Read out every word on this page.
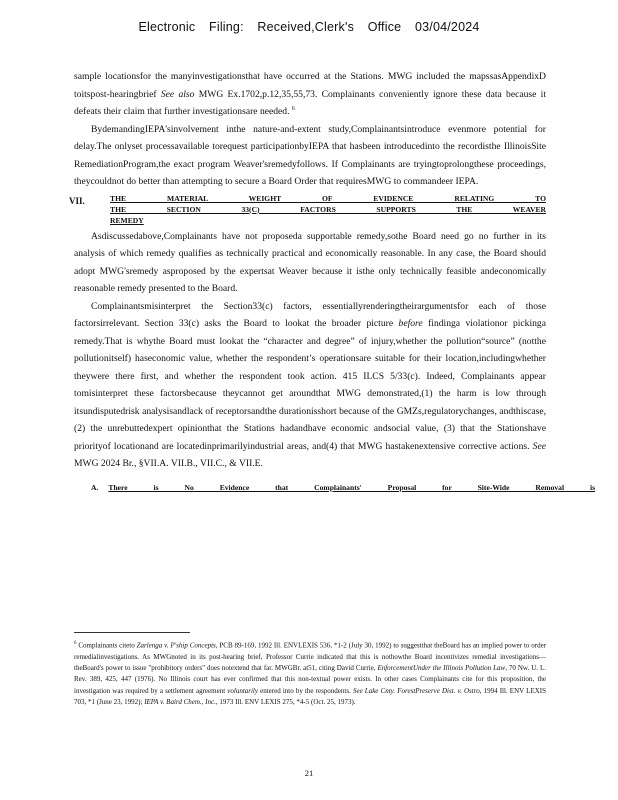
Electronic Filing: Received,Clerk's Office 03/04/2024

sample locationsfor the manyinvestigationsthat have occurred at the Stations. MWG included the mapssasAppendixD toitspost-hearingbrief See also MWG Ex.1702,p.12,35,55,73. Complainants conveniently ignore these data because it defeats their claim that further investigationsare needed. $^6$

BydemandingIEPA'sinvolvement inthe nature-and-extent study,Complainantsintroduce evenmore potential for delay.The onlyset processavailable torequest participationbyIEPA that hasbeen introducedinto the recordisthe IllinoisSite RemediationProgram,the exact program Weaver'sremedyfollows. If Complainants are tryingtoprolongthese proceedings, theycouldnot do better than attempting to secure a Board Order that requiresMWG to commandeer IEPA.

VII.	THE MATERIAL WEIGHT OF EVIDENCE RELATING TO THE SECTION 33(C) FACTORS SUPPORTS THE WEAVER REMEDY

Asdiscussedabove,Complainants have not proposeda supportable remedy,sothe Board need go no further in its analysis of which remedy qualifies as technically practical and economically reasonable. In any case, the Board should adopt MWG'sremedy asproposed by the expertsat Weaver because it isthe only technically feasible andeconomically reasonable remedy presented to the Board.

Complainantsmisinterpret the Section33(c) factors, essentiallyrenderingtheirargumentsfor each of those factorsirrelevant. Section 33(c) asks the Board to lookat the broader picture before findinga violationor pickinga remedy.That is whythe Board must lookat the “character and degree” of injury,whether the pollution“source” (notthe pollutionitself) haseconomic value, whether the respondent’s operationsare suitable for their location,includingwhether theywere there first, and whether the respondent took action. 415 ILCS 5/33(c). Indeed, Complainants appear tomisinterpret these factorsbecause theycannot get aroundthat MWG demonstrated,(1) the harm is low through itsundisputedrisk analysisandlack of receptorsandthe durationisshort because of the GMZs,regulatorychanges, andthiscase,(2) the unrebuttedexpert opinionthat the Stations hadandhave economic andsocial value, (3) that the Stationshave priorityof locationand are locatedinprimarilyindustrial areas, and(4) that MWG hastakenextensive corrective actions. See MWG 2024 Br., §VII.A. VII.B., VII.C., & VII.E.

A. There is No Evidence that Complainants' Proposal for Site-Wide Removal is
$^6$ Complainants citeto Zarlenga v. P'ship Concepts, PCB 89-169, 1992 Ill. ENVLEXIS 536, *1-2 (July 30, 1992) to suggestthat theBoard has an implied power to order remedialinvestigations. As MWGnoted in its post-hearing brief, Professor Currie indicated that this is nothowthe Board incentivizes remedial investigations—theBoard's power to issue "prohibitory orders" does notextend that far. MWGBr. at51, citing David Currie, EnforcementUnder the Illinois Pollution Law, 70 Nw. U. L. Rev. 389, 425, 447 (1976). No Illinois court has ever confirmed that this non-textual power exists. In other cases Complainants cite for this proposition, the investigation was required by a settlement agreement voluntarily entered into by the respondents. See Lake Cnty. ForestPreserve Dist. v. Ostro, 1994 Ill. ENV LEXIS 703, *1 (June 23, 1992); IEPA v. Baird Chem., Inc., 1973 Ill. ENV LEXIS 275, *4-5 (Oct. 25, 1973).
21
